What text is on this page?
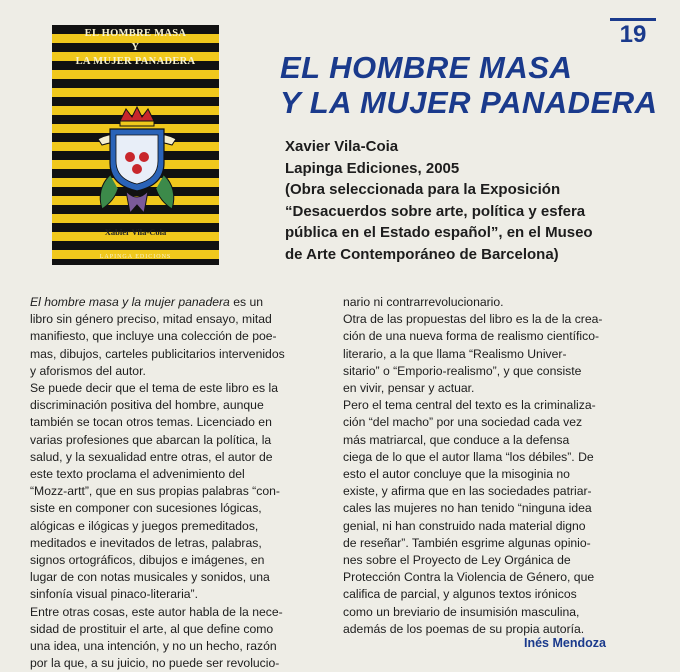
19
EL HOMBRE MASA
Y
LA MUJER PANADERA
Xabier Vila-Coia
LAPINGA EDICIONS
EL HOMBRE MASA
Y LA MUJER PANADERA
Xavier Vila-Coia
Lapinga Ediciones, 2005
(Obra seleccionada para la Exposición
“Desacuerdos sobre arte, política y esfera
pública en el Estado español”, en el Museo
de Arte Contemporáneo de Barcelona)

El hombre masa y la mujer panadera es un
libro sin género preciso, mitad ensayo, mitad
manifiesto, que incluye una colección de poe-
mas, dibujos, carteles publicitarios intervenidos
y aforismos del autor.

Se puede decir que el tema de este libro es la
discriminación positiva del hombre, aunque
también se tocan otros temas. Licenciado en
varias profesiones que abarcan la política, la
salud, y la sexualidad entre otras, el autor de
este texto proclama el advenimiento del
“Mozz-artt”, que en sus propias palabras “con-
siste en componer con sucesiones lógicas,
alógicas e ilógicas y juegos premeditados,
meditados e inevitados de letras, palabras,
signos ortográficos, dibujos e imágenes, en
lugar de con notas musicales y sonidos, una
sinfonía visual pinaco-literaria”.

Entre otras cosas, este autor habla de la nece-
sidad de prostituir el arte, al que define como
una idea, una intención, y no un hecho, razón
por la que, a su juicio, no puede ser revolucio-

nario ni contrarrevolucionario.

Otra de las propuestas del libro es la de la crea-
ción de una nueva forma de realismo científico-
literario, a la que llama “Realismo Univer-
sitario” o “Emporio-realismo”, y que consiste
en vivir, pensar y actuar.

Pero el tema central del texto es la criminaliza-
ción “del macho” por una sociedad cada vez
más matriarcal, que conduce a la defensa
ciega de lo que el autor llama “los débiles”. De
esto el autor concluye que la misoginia no
existe, y afirma que en las sociedades patriar-
cales las mujeres no han tenido “ninguna idea
genial, ni han construido nada material digno
de reseñar”. También esgrime algunas opinio-
nes sobre el Proyecto de Ley Orgánica de
Protección Contra la Violencia de Género, que
califica de parcial, y algunos textos irónicos
como un breviario de insumisión masculina,
además de los poemas de su propia autoría.

Inés Mendoza
